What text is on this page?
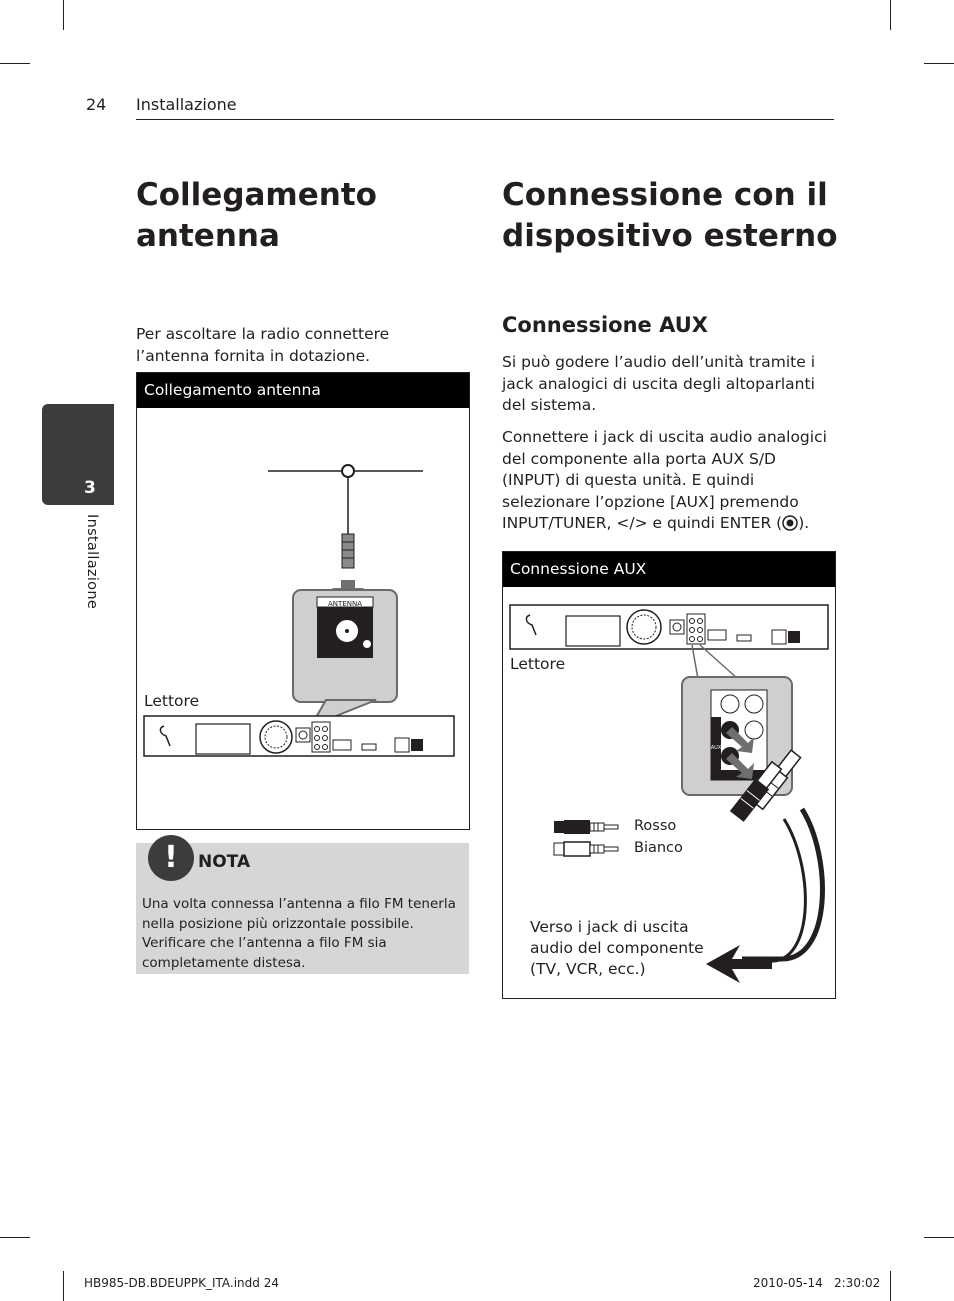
24 Installazione
3
Installazione
Collegamento antenna

Per ascoltare la radio connettere l’antenna fornita in dotazione.

Collegamento antenna
ANTENNA
Lettore
!	NOTA

Una volta connessa l’antenna a filo FM tenerla nella posizione più orizzontale possibile. Verificare che l’antenna a filo FM sia completamente distesa.

Connessione con il dispositivo esterno
Connessione AUX

Si può godere l’audio dell’unità tramite i jack analogici di uscita degli altoparlanti del sistema.

Connettere i jack di uscita audio analogici del componente alla porta AUX S/D (INPUT) di questa unità. E quindi selezionare l’opzione [AUX] premendo INPUT/TUNER, </> e quindi ENTER ( ).

Connessione AUX
AUX
Lettore
Rosso
Bianco
Verso i jack di uscita audio del componente (TV, VCR, ecc.)
HB985-DB.BDEUPPK_ITA.indd 24	2010-05-14 2:30:02
